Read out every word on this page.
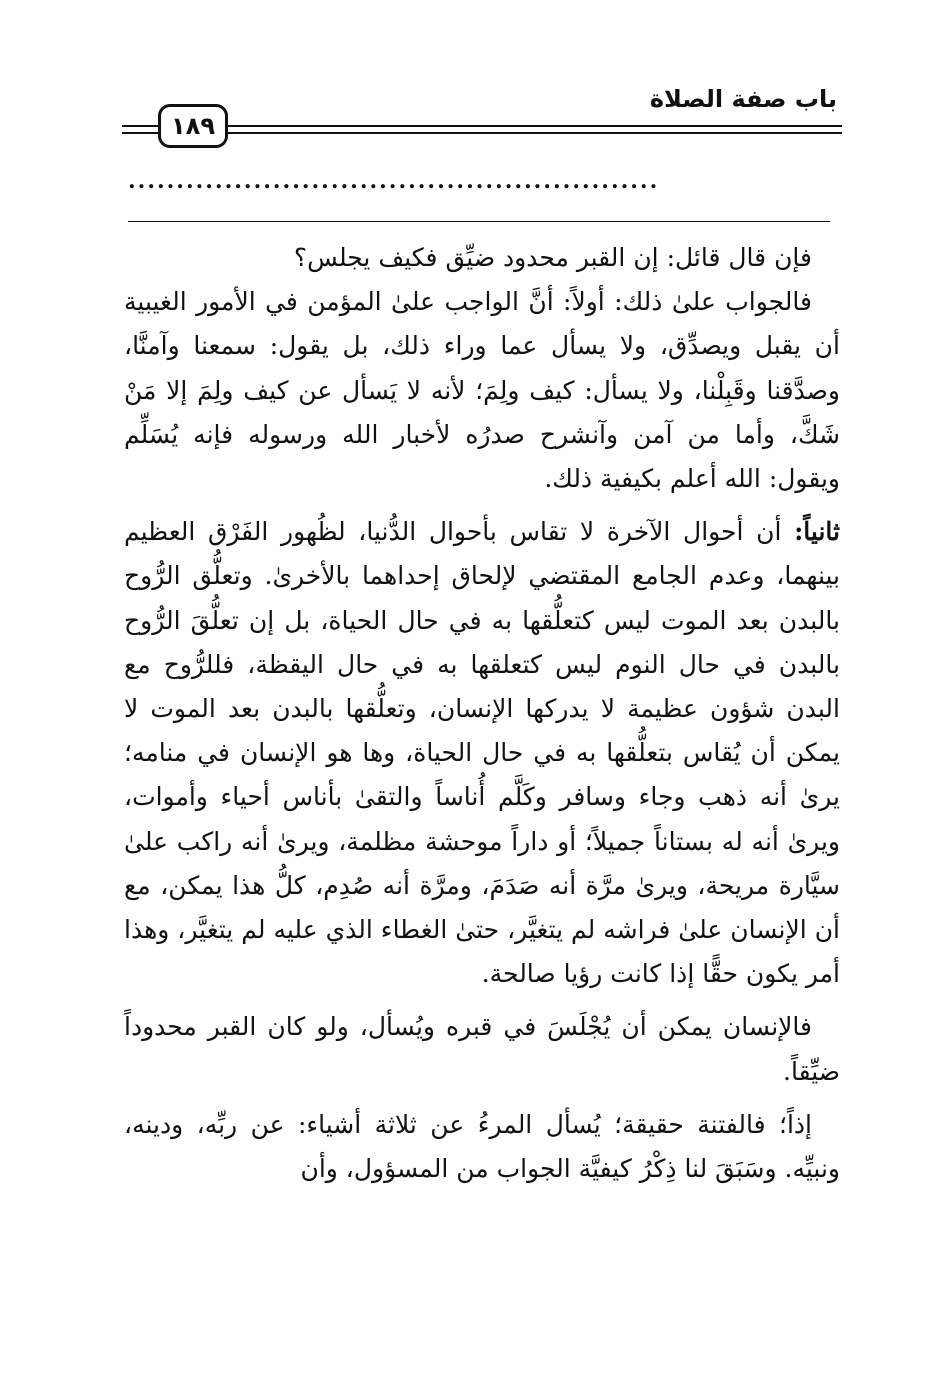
باب صفة الصلاة
١٨٩
.......................................................

فإن قال قائل: إن القبر محدود ضيِّق فكيف يجلس؟

فالجواب علىٰ ذلك: أولاً: أنَّ الواجب علىٰ المؤمن في الأمور الغيبية أن يقبل ويصدِّق، ولا يسأل عما وراء ذلك، بل يقول: سمعنا وآمنَّا، وصدَّقنا وقَبِلْنا، ولا يسأل: كيف ولِمَ؛ لأنه لا يَسأل عن كيف ولِمَ إلا مَنْ شَكَّ، وأما من آمن وآنشرح صدرُه لأخبار الله ورسوله فإنه يُسَلِّم ويقول: الله أعلم بكيفية ذلك.

ثانياً: أن أحوال الآخرة لا تقاس بأحوال الدُّنيا، لظُهور الفَرْق العظيم بينهما، وعدم الجامع المقتضي لإلحاق إحداهما بالأخرىٰ. وتعلُّق الرُّوح بالبدن بعد الموت ليس كتعلُّقها به في حال الحياة، بل إن تعلُّقَ الرُّوح بالبدن في حال النوم ليس كتعلقها به في حال اليقظة، فللرُّوح مع البدن شؤون عظيمة لا يدركها الإنسان، وتعلُّقها بالبدن بعد الموت لا يمكن أن يُقاس بتعلُّقها به في حال الحياة، وها هو الإنسان في منامه؛ يرىٰ أنه ذهب وجاء وسافر وكَلَّم أُناساً والتقىٰ بأناس أحياء وأموات، ويرىٰ أنه له بستاناً جميلاً؛ أو داراً موحشة مظلمة، ويرىٰ أنه راكب علىٰ سيَّارة مريحة، ويرىٰ مرَّة أنه صَدَمَ، ومرَّة أنه صُدِم، كلُّ هذا يمكن، مع أن الإنسان علىٰ فراشه لم يتغيَّر، حتىٰ الغطاء الذي عليه لم يتغيَّر، وهذا أمر يكون حقًّا إذا كانت رؤيا صالحة.

فالإنسان يمكن أن يُجْلَسَ في قبره ويُسأل، ولو كان القبر محدوداً ضيِّقاً.

إذاً؛ فالفتنة حقيقة؛ يُسأل المرءُ عن ثلاثة أشياء: عن ربِّه، ودينه، ونبيِّه. وسَبَقَ لنا ذِكْرُ كيفيَّة الجواب من المسؤول، وأن
